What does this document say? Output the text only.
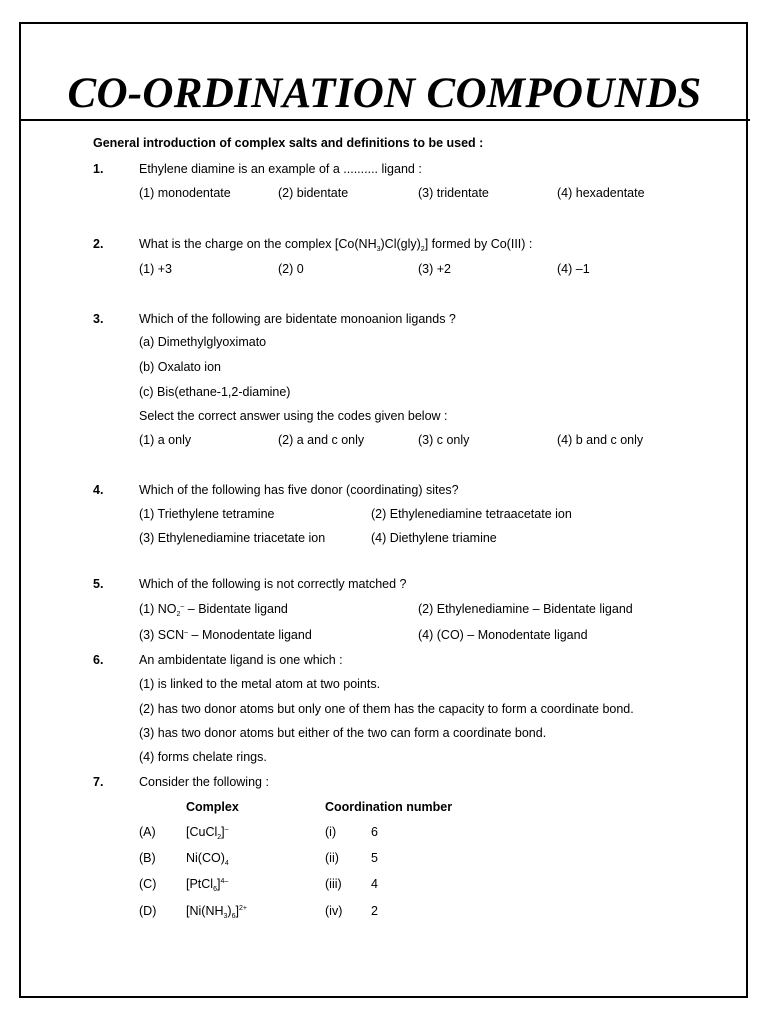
CO-ORDINATION COMPOUNDS
General introduction of complex salts and definitions to be used :
1.	Ethylene diamine is an example of a .......... ligand :
(1) monodentate	(2) bidentate	(3) tridentate	(4) hexadentate
2.	What is the charge on the complex $[Co(NH_3)Cl(gly)_2]$ formed by Co(III) :
(1) +3	(2) 0	(3) +2	(4) –1
3.	Which of the following are bidentate monoanion ligands ?
(a) Dimethylglyoximato
(b) Oxalato ion
(c) Bis(ethane-1,2-diamine)
Select the correct answer using the codes given below :
(1) a only	(2) a and c only	(3) c only	(4) b and c only
4.	Which of the following has five donor (coordinating) sites?
(1) Triethylene tetramine	(2) Ethylenediamine tetraacetate ion
(3) Ethylenediamine triacetate ion	(4) Diethylene triamine
5.	Which of the following is not correctly matched ?
(1) $NO_2^-$ – Bidentate ligand	(2) Ethylenediamine – Bidentate ligand
(3) SCN– – Monodentate ligand	(4) (CO) – Monodentate ligand
6.	An ambidentate ligand is one which :
(1) is linked to the metal atom at two points.
(2) has two donor atoms but only one of them has the capacity to form a coordinate bond.
(3) has two donor atoms but either of the two can form a coordinate bond.
(4) forms chelate rings.
7.	Consider the following :
Complex	Coordination number
(A) [CuCl$_2$]–	(i)	6
(B) $Ni(CO)_4$	(ii)	5
(C) [PtCl$_6$]$^{4-}$	(iii) 4
(D) $[Ni(NH_3)_6]^{2+}$	(iv) 2
